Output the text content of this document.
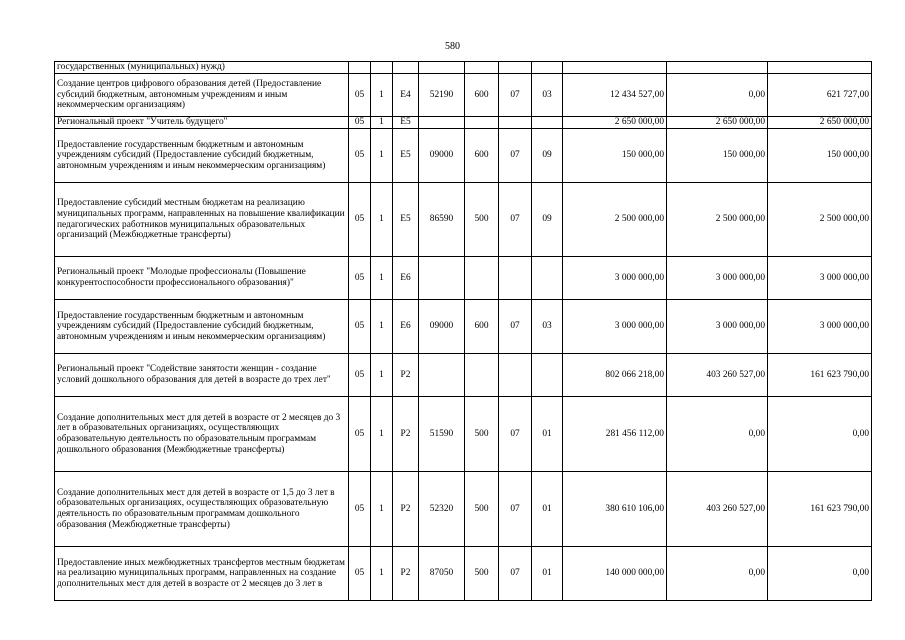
580
государственных (муниципальных) нужд)										
Создание центров цифрового образования детей (Предоставление субсидий бюджетным, автономным учреждениям и иным некоммерческим организациям)	05	1	E4	52190	600	07	03	12 434 527,00	0,00	621 727,00
Региональный проект "Учитель будущего"	05	1	E5					2 650 000,00	2 650 000,00	2 650 000,00
Предоставление государственным бюджетным и автономным учреждениям субсидий (Предоставление субсидий бюджетным, автономным учреждениям и иным некоммерческим организациям)	05	1	E5	09000	600	07	09	150 000,00	150 000,00	150 000,00
Предоставление субсидий местным бюджетам на реализацию муниципальных программ, направленных на повышение квалификации педагогических работников муниципальных образовательных организаций (Межбюджетные трансферты)	05	1	E5	86590	500	07	09	2 500 000,00	2 500 000,00	2 500 000,00
Региональный проект "Молодые профессионалы (Повышение конкурентоспособности профессионального образования)"	05	1	E6					3 000 000,00	3 000 000,00	3 000 000,00
Предоставление государственным бюджетным и автономным учреждениям субсидий (Предоставление субсидий бюджетным, автономным учреждениям и иным некоммерческим организациям)	05	1	E6	09000	600	07	03	3 000 000,00	3 000 000,00	3 000 000,00
Региональный проект "Содействие занятости женщин - создание условий дошкольного образования для детей в возрасте до трех лет"	05	1	P2					802 066 218,00	403 260 527,00	161 623 790,00
Создание дополнительных мест для детей в возрасте от 2 месяцев до 3 лет в образовательных организациях, осуществляющих образовательную деятельность по образовательным программам дошкольного образования (Межбюджетные трансферты)	05	1	P2	51590	500	07	01	281 456 112,00	0,00	0,00
Создание дополнительных мест для детей в возрасте от 1,5 до 3 лет в образовательных организациях, осуществляющих образовательную деятельность по образовательным программам дошкольного образования (Межбюджетные трансферты)	05	1	P2	52320	500	07	01	380 610 106,00	403 260 527,00	161 623 790,00
Предоставление иных межбюджетных трансфертов местным бюджетам на реализацию муниципальных программ, направленных на создание дополнительных мест для детей в возрасте от 2 месяцев до 3 лет в	05	1	P2	87050	500	07	01	140 000 000,00	0,00	0,00
